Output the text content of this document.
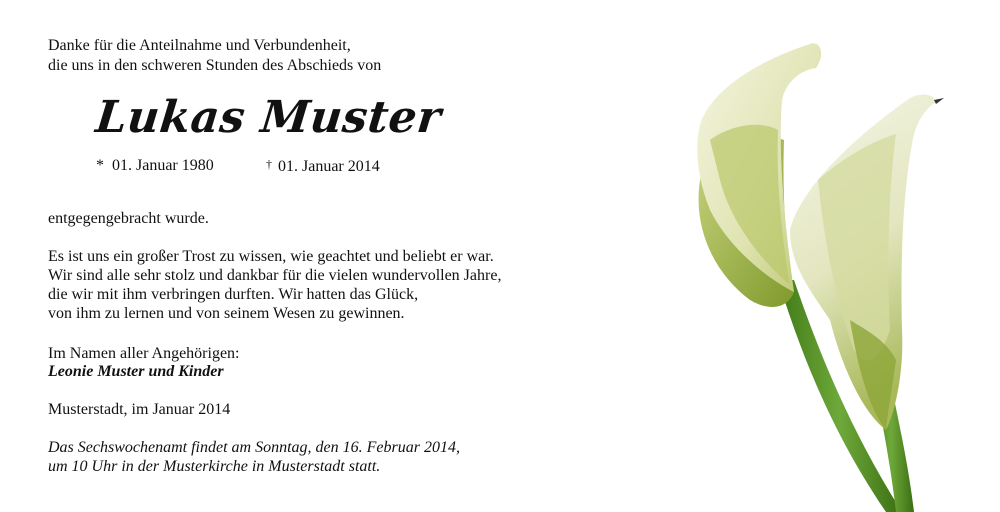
Danke für die Anteilnahme und Verbundenheit,
die uns in den schweren Stunden des Abschieds von
Lukas Muster
* 01. Januar 1980	† 01. Januar 2014
entgegengebracht wurde.
Es ist uns ein großer Trost zu wissen, wie geachtet und beliebt er war.
Wir sind alle sehr stolz und dankbar für die vielen wundervollen Jahre,
die wir mit ihm verbringen durften. Wir hatten das Glück,
von ihm zu lernen und von seinem Wesen zu gewinnen.
Im Namen aller Angehörigen:
Leonie Muster und Kinder
Musterstadt, im Januar 2014
Das Sechswochenamt findet am Sonntag, den 16. Februar 2014,
um 10 Uhr in der Musterkirche in Musterstadt statt.
